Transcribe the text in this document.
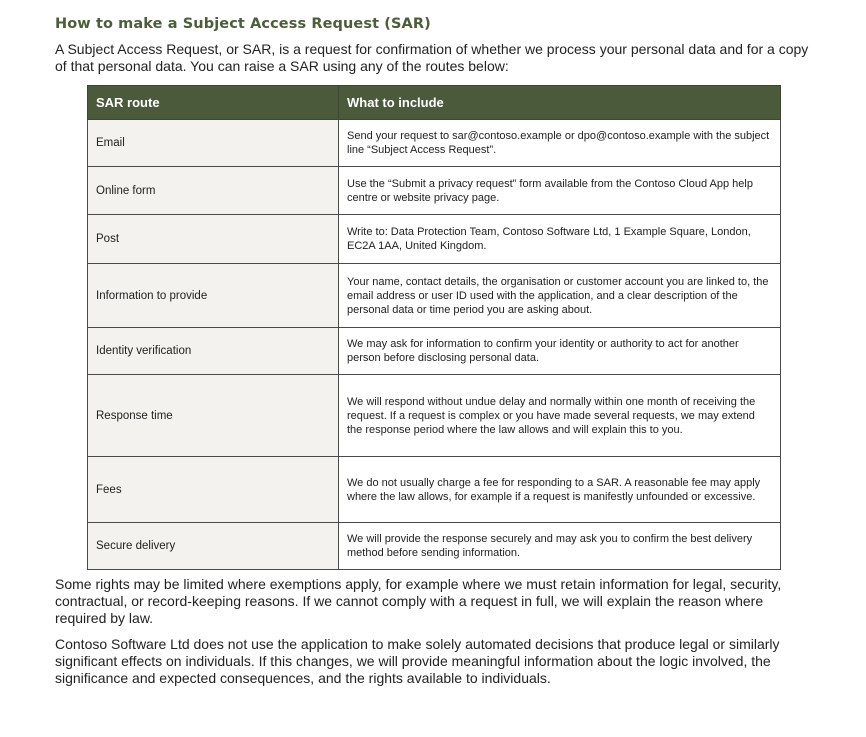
How to make a Subject Access Request (SAR)

A Subject Access Request, or SAR, is a request for confirmation of whether we process your personal data and for a copy of that personal data. You can raise a SAR using any of the routes below:

SAR route	What to include
Email	Send your request to sar@contoso.example or dpo@contoso.example with the subject line “Subject Access Request”.
Online form	Use the “Submit a privacy request” form available from the Contoso Cloud App help centre or website privacy page.
Post	Write to: Data Protection Team, Contoso Software Ltd, 1 Example Square, London, EC2A 1AA, United Kingdom.
Information to provide	Your name, contact details, the organisation or customer account you are linked to, the email address or user ID used with the application, and a clear description of the personal data or time period you are asking about.
Identity verification	We may ask for information to confirm your identity or authority to act for another person before disclosing personal data.
Response time	We will respond without undue delay and normally within one month of receiving the request. If a request is complex or you have made several requests, we may extend the response period where the law allows and will explain this to you.
Fees	We do not usually charge a fee for responding to a SAR. A reasonable fee may apply where the law allows, for example if a request is manifestly unfounded or excessive.
Secure delivery	We will provide the response securely and may ask you to confirm the best delivery method before sending information.

Some rights may be limited where exemptions apply, for example where we must retain information for legal, security, contractual, or record-keeping reasons. If we cannot comply with a request in full, we will explain the reason where required by law.

Contoso Software Ltd does not use the application to make solely automated decisions that produce legal or similarly significant effects on individuals. If this changes, we will provide meaningful information about the logic involved, the significance and expected consequences, and the rights available to individuals.
